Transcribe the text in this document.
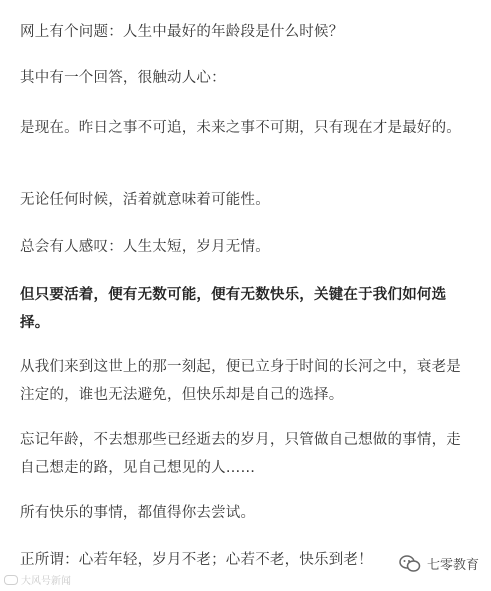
网上有个问题：人生中最好的年龄段是什么时候？

其中有一个回答，很触动人心：

是现在。昨日之事不可追，未来之事不可期，只有现在才是最好的。

无论任何时候，活着就意味着可能性。

总会有人感叹：人生太短，岁月无情。

但只要活着，便有无数可能，便有无数快乐，关键在于我们如何选择。

从我们来到这世上的那一刻起，便已立身于时间的长河之中，衰老是注定的，谁也无法避免，但快乐却是自己的选择。

忘记年龄，不去想那些已经逝去的岁月，只管做自己想做的事情，走自己想走的路，见自己想见的人……

所有快乐的事情，都值得你去尝试。

正所谓：心若年轻，岁月不老；心若不老，快乐到老！

大风号新闻
七零教育
